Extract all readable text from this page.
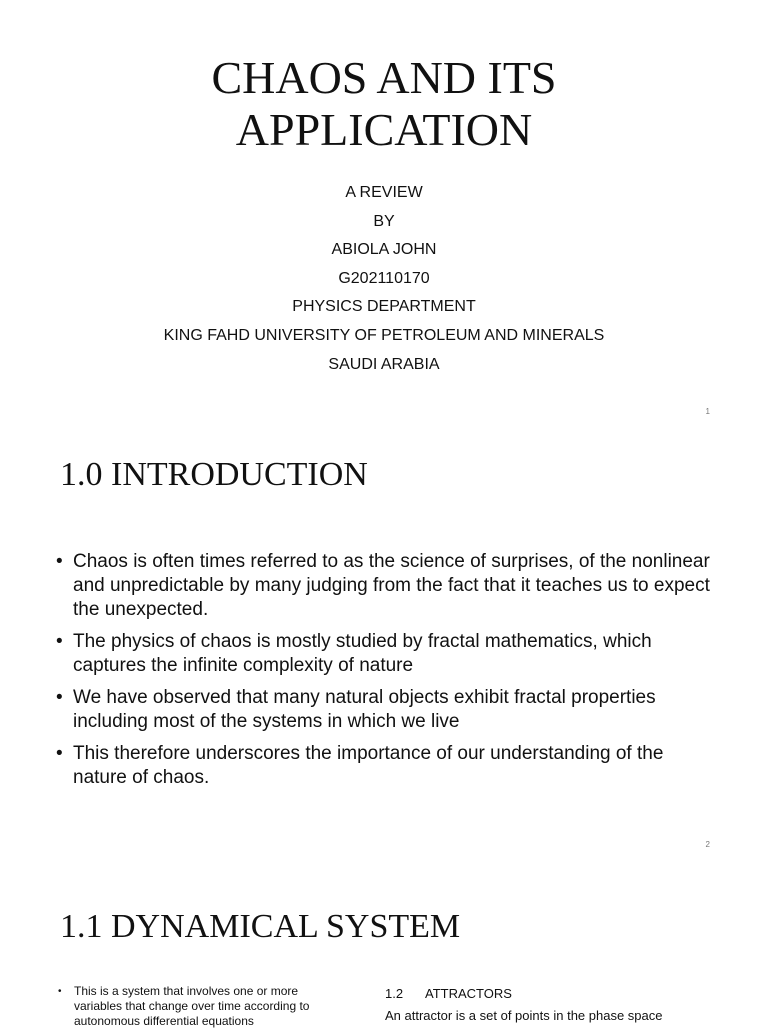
CHAOS AND ITS
APPLICATION
A REVIEW
BY
ABIOLA JOHN
G202110170
PHYSICS DEPARTMENT
KING FAHD UNIVERSITY OF PETROLEUM AND MINERALS
SAUDI ARABIA
1
1.0 INTRODUCTION
• Chaos is often times referred to as the science of surprises, of the nonlinear and unpredictable by many judging from the fact that it teaches us to expect the unexpected.
• The physics of chaos is mostly studied by fractal mathematics, which captures the infinite complexity of nature
• We have observed that many natural objects exhibit fractal properties including most of the systems in which we live
• This therefore underscores the importance of our understanding of the nature of chaos.
2
1.1 DYNAMICAL SYSTEM
• This is a system that involves one or more variables that change over time according to autonomous differential equations
1.2 ATTRACTORS
An attractor is a set of points in the phase space
